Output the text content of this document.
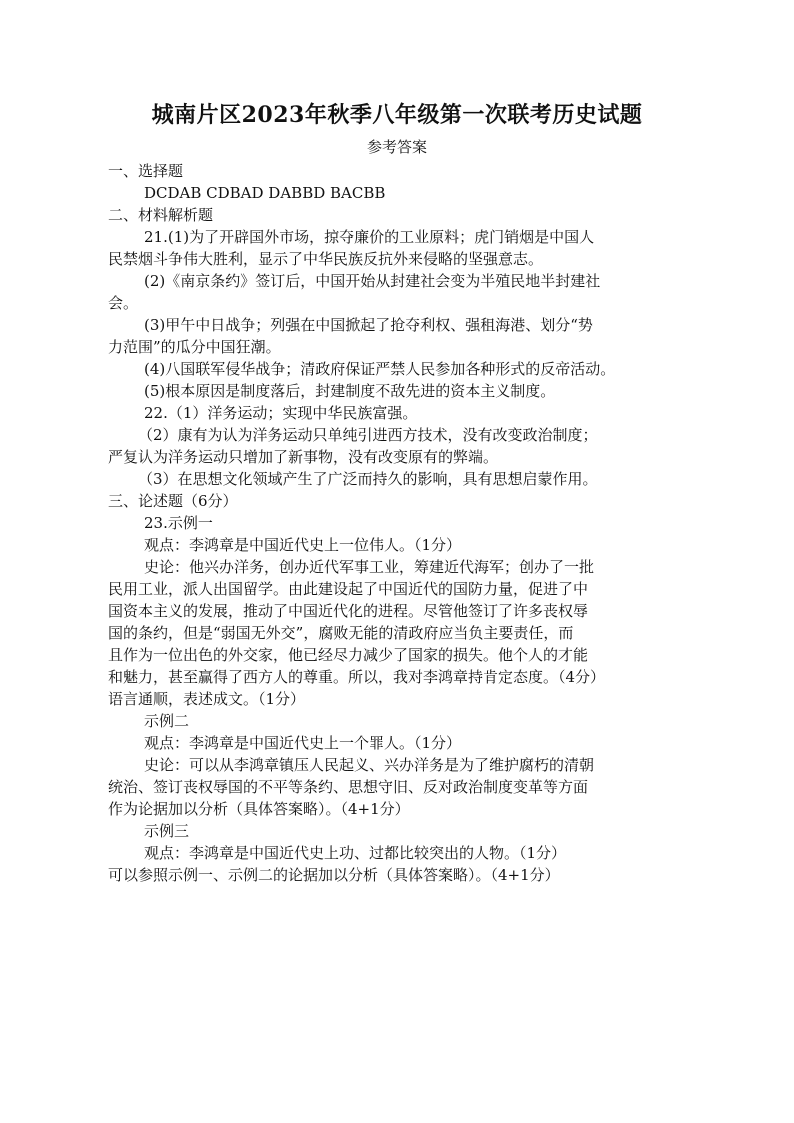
城南片区2023年秋季八年级第一次联考历史试题
参考答案

一、选择题

DCDAB CDBAD DABBD BACBB

二、材料解析题

21.(1)为了开辟国外市场，掠夺廉价的工业原料；虎门销烟是中国人

民禁烟斗争伟大胜利，显示了中华民族反抗外来侵略的坚强意志。

(2)《南京条约》签订后，中国开始从封建社会变为半殖民地半封建社

会。

(3)甲午中日战争；列强在中国掀起了抢夺利权、强租海港、划分“势

力范围”的瓜分中国狂潮。

(4)八国联军侵华战争；清政府保证严禁人民参加各种形式的反帝活动。

(5)根本原因是制度落后，封建制度不敌先进的资本主义制度。

22.（1）洋务运动；实现中华民族富强。

（2）康有为认为洋务运动只单纯引进西方技术，没有改变政治制度；

严复认为洋务运动只增加了新事物，没有改变原有的弊端。

（3）在思想文化领域产生了广泛而持久的影响，具有思想启蒙作用。

三、论述题（6分）

23.示例一

观点：李鸿章是中国近代史上一位伟人。（1分）

史论：他兴办洋务，创办近代军事工业，筹建近代海军；创办了一批

民用工业，派人出国留学。由此建设起了中国近代的国防力量，促进了中

国资本主义的发展，推动了中国近代化的进程。尽管他签订了许多丧权辱

国的条约，但是“弱国无外交”，腐败无能的清政府应当负主要责任，而

且作为一位出色的外交家，他已经尽力减少了国家的损失。他个人的才能

和魅力，甚至赢得了西方人的尊重。所以，我对李鸿章持肯定态度。（4分）

语言通顺，表述成文。（1分）

示例二

观点：李鸿章是中国近代史上一个罪人。（1分）

史论：可以从李鸿章镇压人民起义、兴办洋务是为了维护腐朽的清朝

统治、签订丧权辱国的不平等条约、思想守旧、反对政治制度变革等方面

作为论据加以分析（具体答案略）。（4+1分）

示例三

观点：李鸿章是中国近代史上功、过都比较突出的人物。（1分）

可以参照示例一、示例二的论据加以分析（具体答案略）。（4+1分）
